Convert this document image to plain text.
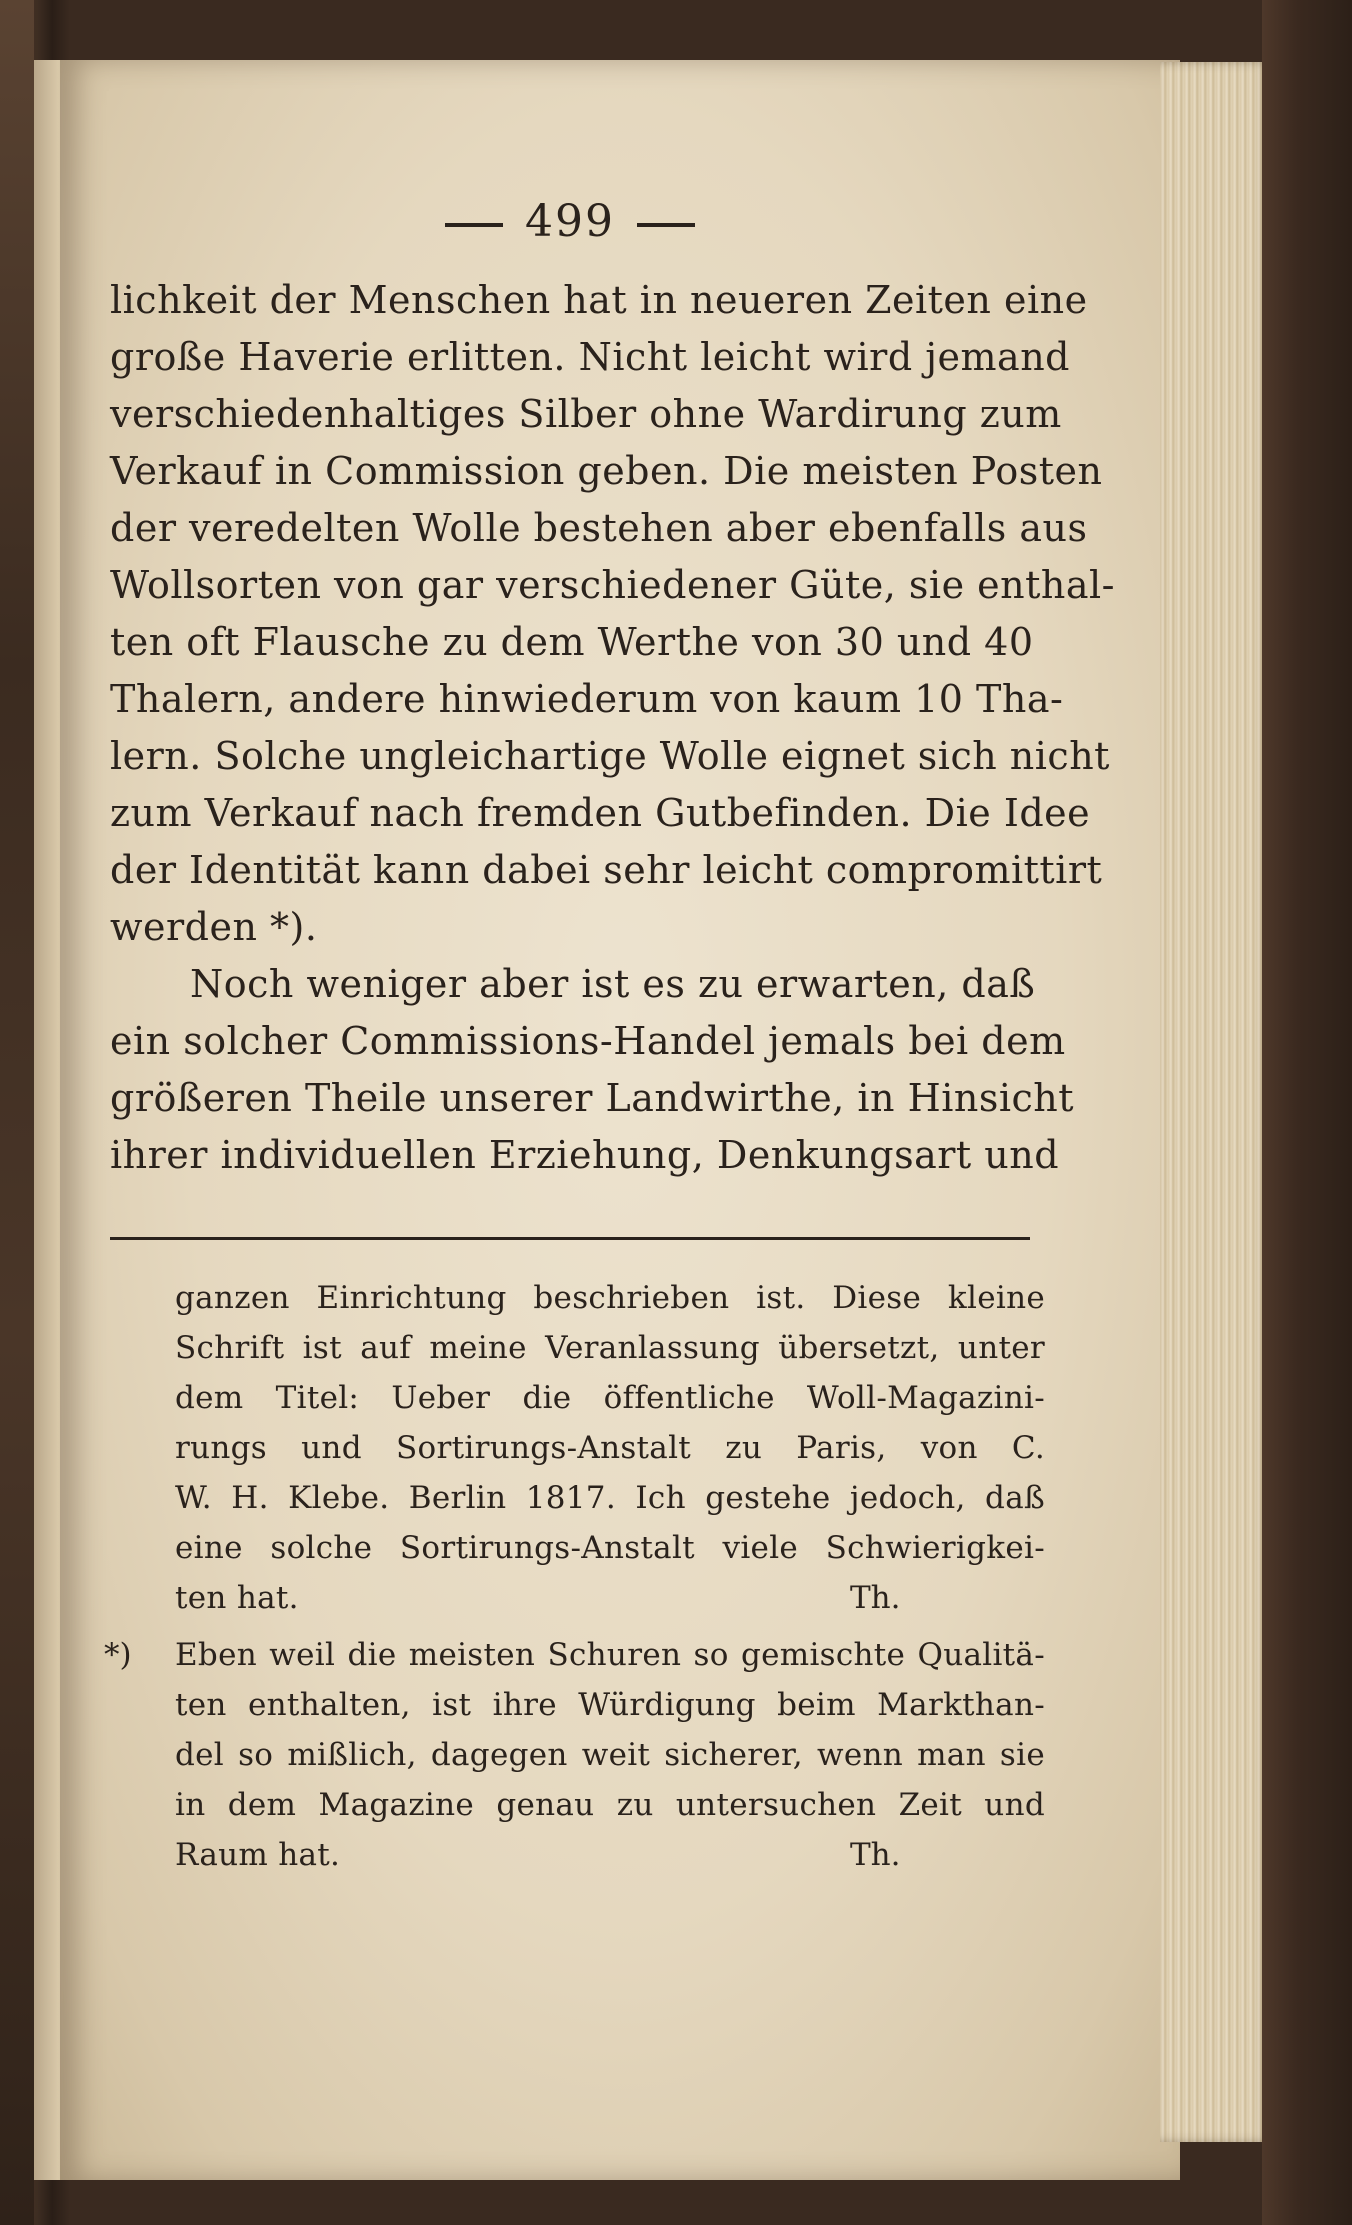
499
lichkeit der Menschen hat in neueren Zeiten eine
große Haverie erlitten. Nicht leicht wird jemand
verschiedenhaltiges Silber ohne Wardirung zum
Verkauf in Commission geben. Die meisten Posten
der veredelten Wolle bestehen aber ebenfalls aus
Wollsorten von gar verschiedener Güte, sie enthal-
ten oft Flausche zu dem Werthe von 30 und 40
Thalern, andere hinwiederum von kaum 10 Tha-
lern. Solche ungleichartige Wolle eignet sich nicht
zum Verkauf nach fremden Gutbefinden. Die Idee
der Identität kann dabei sehr leicht compromittirt
werden *).
Noch weniger aber ist es zu erwarten, daß
ein solcher Commissions-Handel jemals bei dem
größeren Theile unserer Landwirthe, in Hinsicht
ihrer individuellen Erziehung, Denkungsart und
ganzen Einrichtung beschrieben ist. Diese kleine
Schrift ist auf meine Veranlassung übersetzt, unter
dem Titel: Ueber die öffentliche Woll-Magazini-
rungs und Sortirungs-Anstalt zu Paris, von C.
W. H. Klebe. Berlin 1817. Ich gestehe jedoch, daß
eine solche Sortirungs-Anstalt viele Schwierigkei-
ten hat.	Th.
*) Eben weil die meisten Schuren so gemischte Qualitä-
ten enthalten, ist ihre Würdigung beim Markthan-
del so mißlich, dagegen weit sicherer, wenn man sie
in dem Magazine genau zu untersuchen Zeit und
Raum hat.	Th.
